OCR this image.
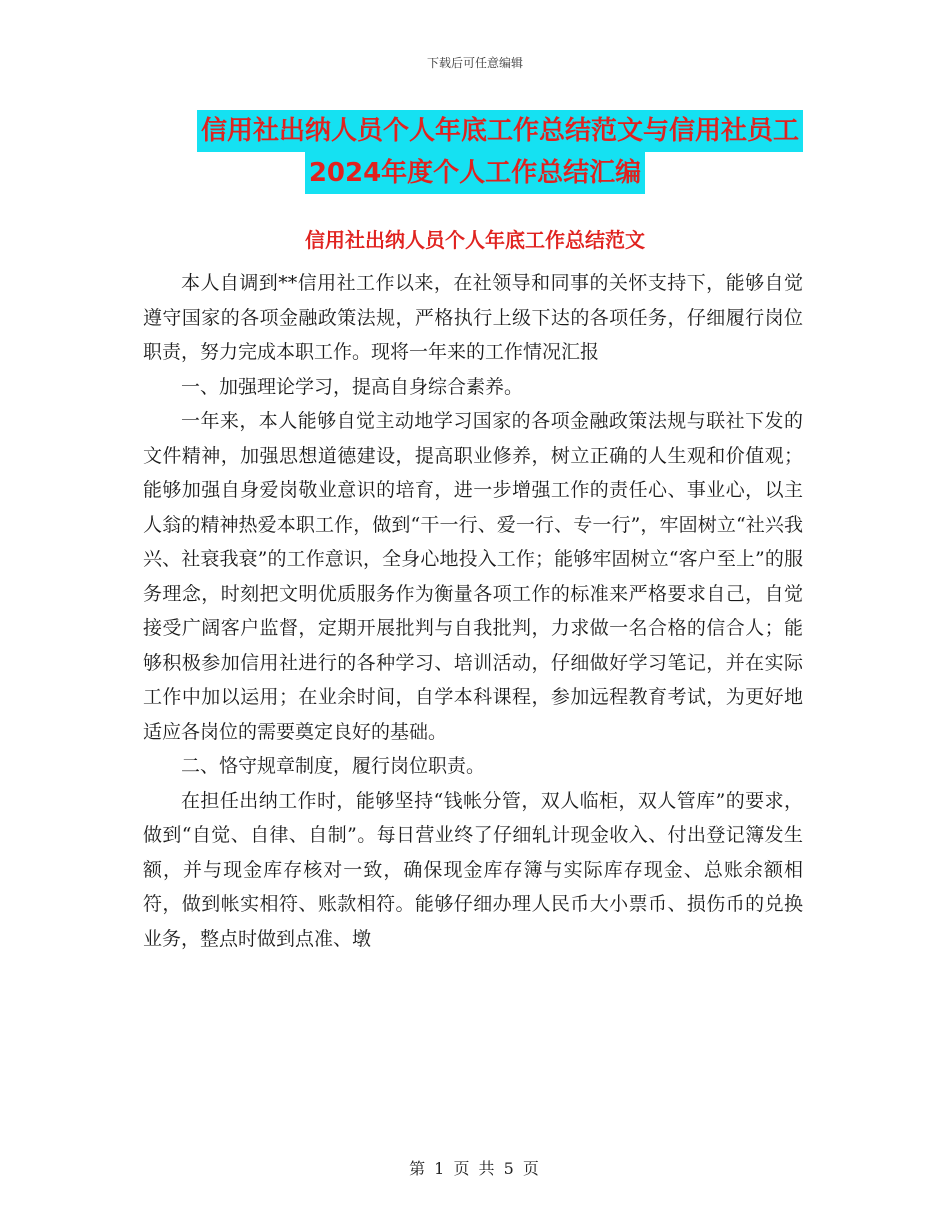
下载后可任意编辑
信用社出纳人员个人年底工作总结范文与信用社员工
2024年度个人工作总结汇编
信用社出纳人员个人年底工作总结范文

本人自调到**信用社工作以来，在社领导和同事的关怀支持下，能够自觉遵守国家的各项金融政策法规，严格执行上级下达的各项任务，仔细履行岗位职责，努力完成本职工作。现将一年来的工作情况汇报

一、加强理论学习，提高自身综合素养。

一年来，本人能够自觉主动地学习国家的各项金融政策法规与联社下发的文件精神，加强思想道德建设，提高职业修养，树立正确的人生观和价值观；能够加强自身爱岗敬业意识的培育，进一步增强工作的责任心、事业心，以主人翁的精神热爱本职工作，做到“干一行、爱一行、专一行”，牢固树立“社兴我兴、社衰我衰”的工作意识，全身心地投入工作；能够牢固树立“客户至上”的服务理念，时刻把文明优质服务作为衡量各项工作的标准来严格要求自己，自觉接受广阔客户监督，定期开展批判与自我批判，力求做一名合格的信合人；能够积极参加信用社进行的各种学习、培训活动，仔细做好学习笔记，并在实际工作中加以运用；在业余时间，自学本科课程，参加远程教育考试，为更好地适应各岗位的需要奠定良好的基础。

二、恪守规章制度，履行岗位职责。

在担任出纳工作时，能够坚持“钱帐分管，双人临柜，双人管库”的要求，做到“自觉、自律、自制”。每日营业终了仔细轧计现金收入、付出登记簿发生额，并与现金库存核对一致，确保现金库存簿与实际库存现金、总账余额相符，做到帐实相符、账款相符。能够仔细办理人民币大小票币、损伤币的兑换业务，整点时做到点准、墩

第 1 页 共 5 页
